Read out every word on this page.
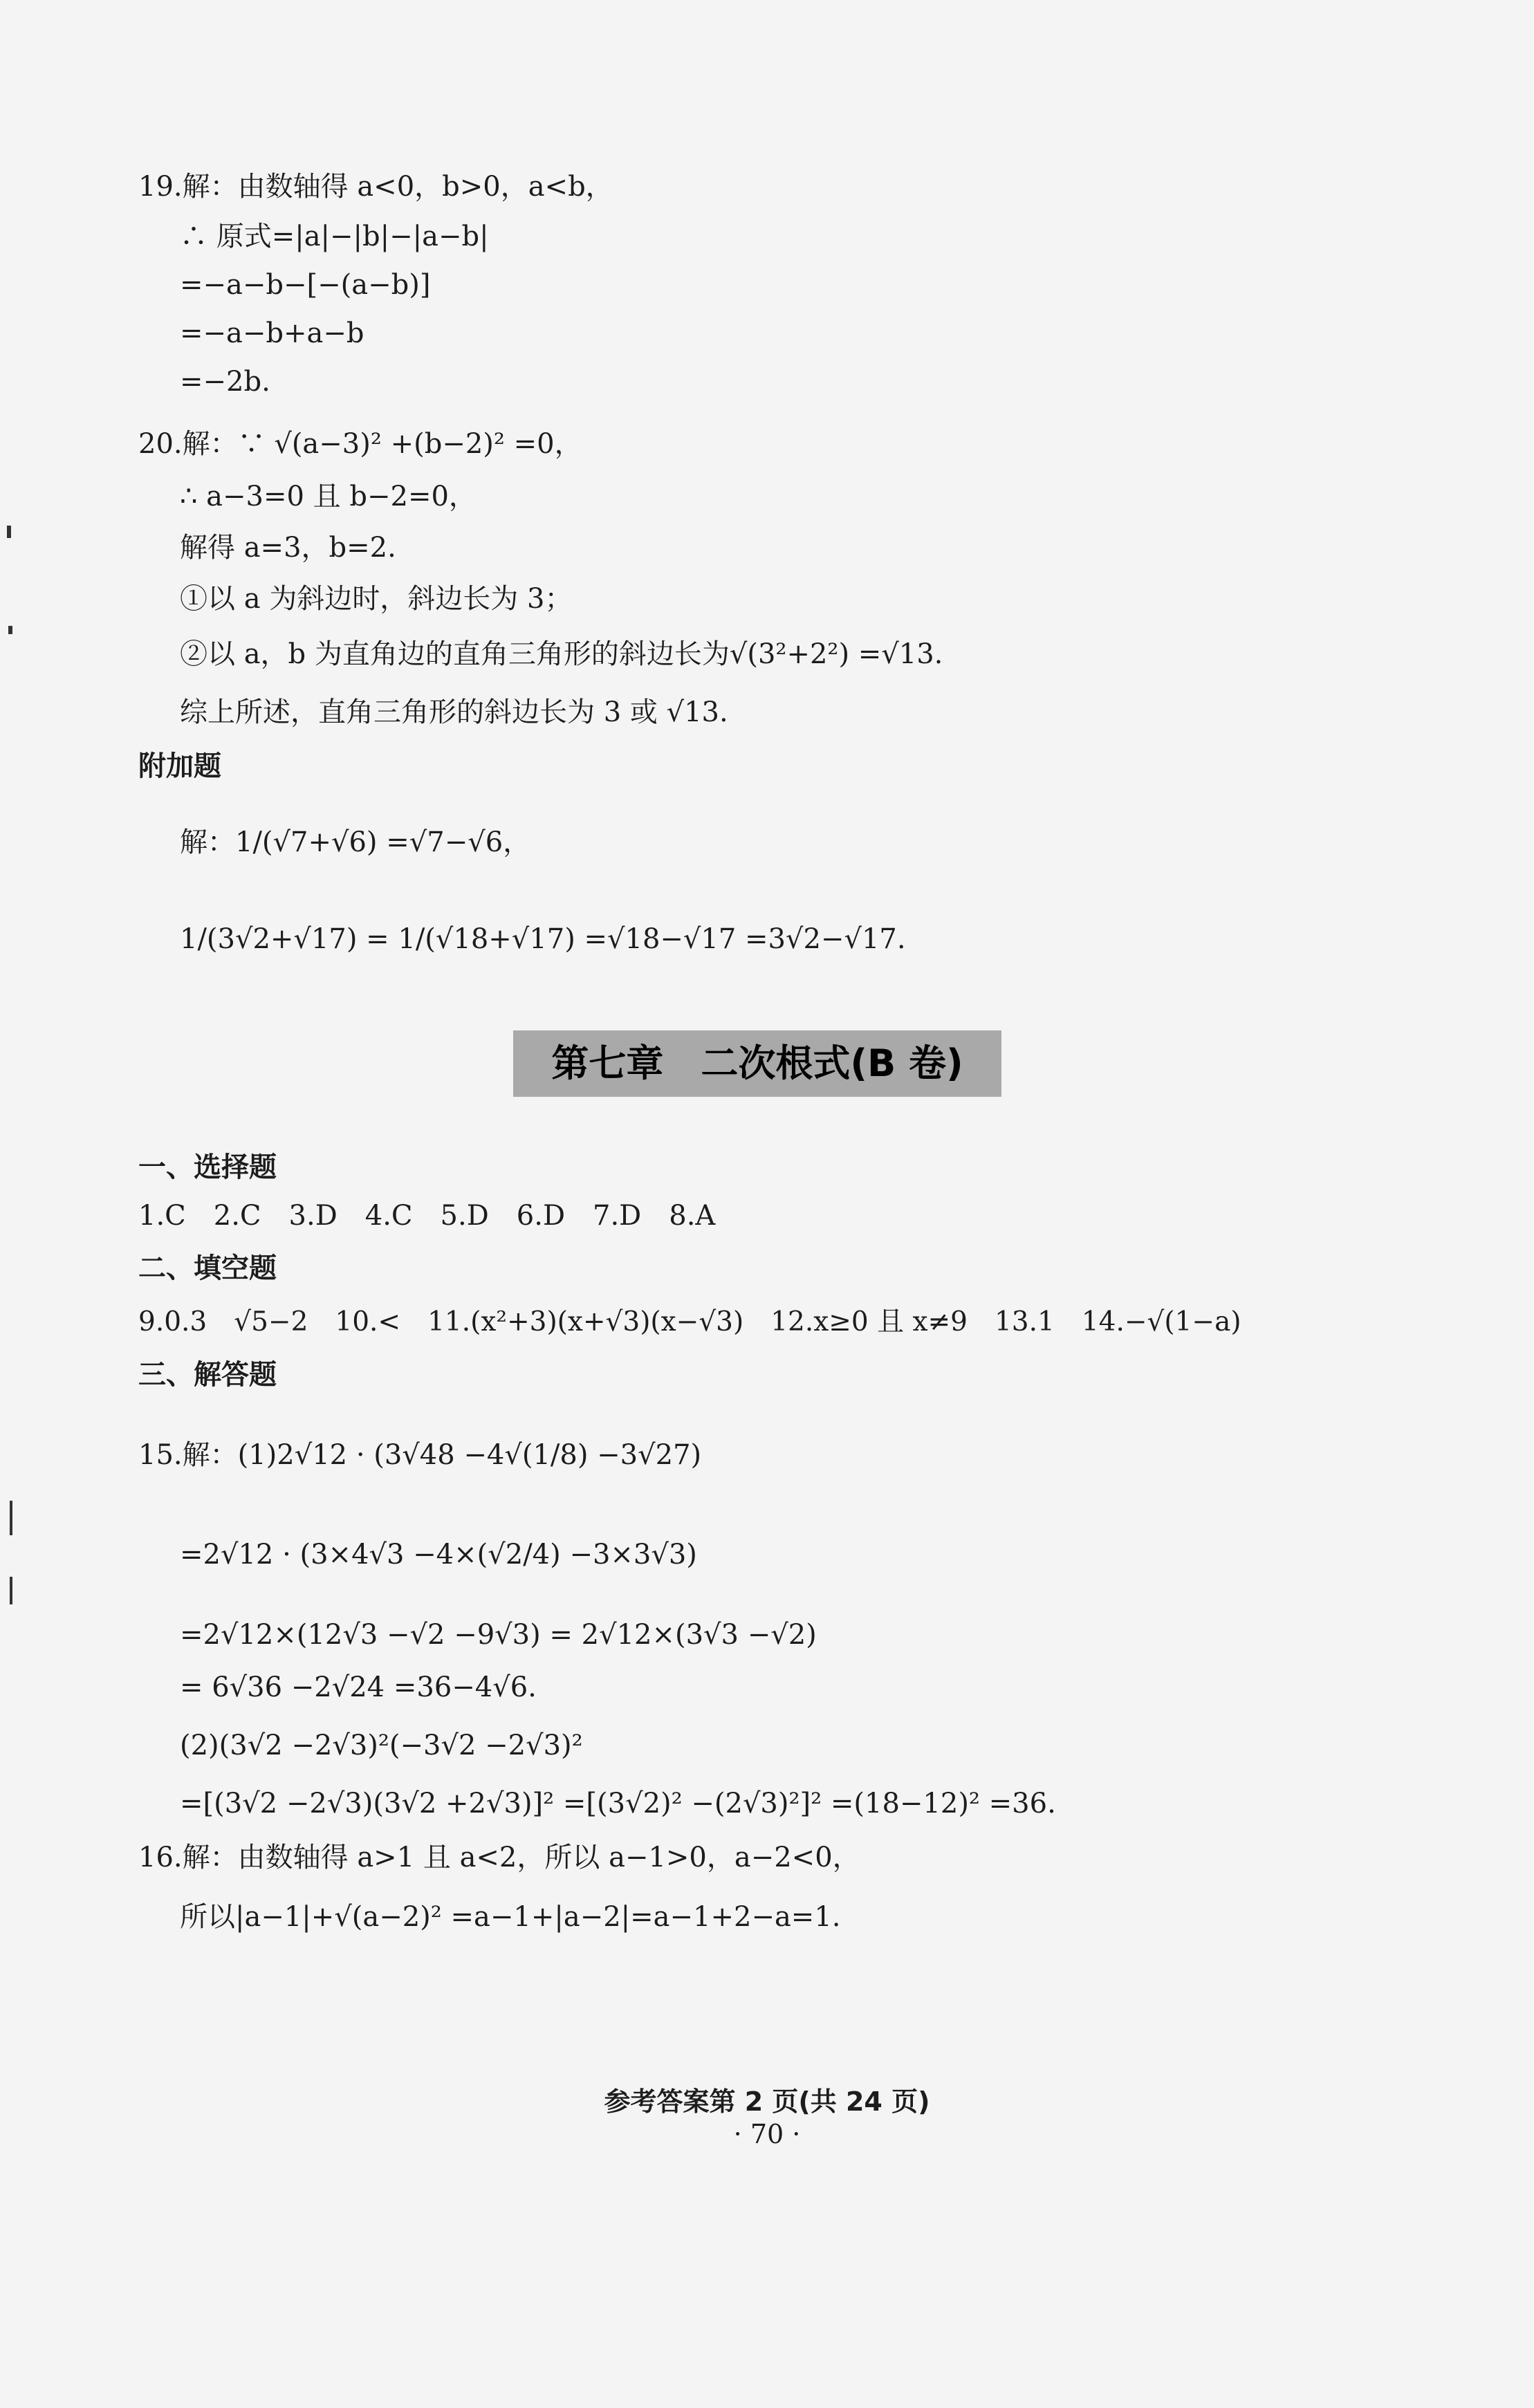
19.解：由数轴得 a<0，b>0，a<b，
∴ 原式=|a|−|b|−|a−b|
=−a−b−[−(a−b)]
=−a−b+a−b
=−2b.
20.解：∵ √(a−3)² +(b−2)² =0，
∴ a−3=0 且 b−2=0，
解得 a=3，b=2.
①以 a 为斜边时，斜边长为 3；
②以 a，b 为直角边的直角三角形的斜边长为√(3²+2²) =√13.
综上所述，直角三角形的斜边长为 3 或 √13.
附加题
解：1/(√7+√6) =√7−√6，
1/(3√2+√17) = 1/(√18+√17) =√18−√17 =3√2−√17.
第七章　二次根式(B 卷)
一、选择题
1.C　2.C　3.D　4.C　5.D　6.D　7.D　8.A
二、填空题
9.0.3　√5−2　10.<　11.(x²+3)(x+√3)(x−√3)　12.x≥0 且 x≠9　13.1　14.−√(1−a)
三、解答题
15.解：(1)2√12 · (3√48 −4√(1/8) −3√27)
=2√12 · (3×4√3 −4×(√2/4) −3×3√3)
=2√12×(12√3 −√2 −9√3) = 2√12×(3√3 −√2)
= 6√36 −2√24 =36−4√6.
(2)(3√2 −2√3)²(−3√2 −2√3)²
=[(3√2 −2√3)(3√2 +2√3)]² =[(3√2)² −(2√3)²]² =(18−12)² =36.
16.解：由数轴得 a>1 且 a<2，所以 a−1>0，a−2<0，
所以|a−1|+√(a−2)² =a−1+|a−2|=a−1+2−a=1.
参考答案第 2 页(共 24 页)
· 70 ·
